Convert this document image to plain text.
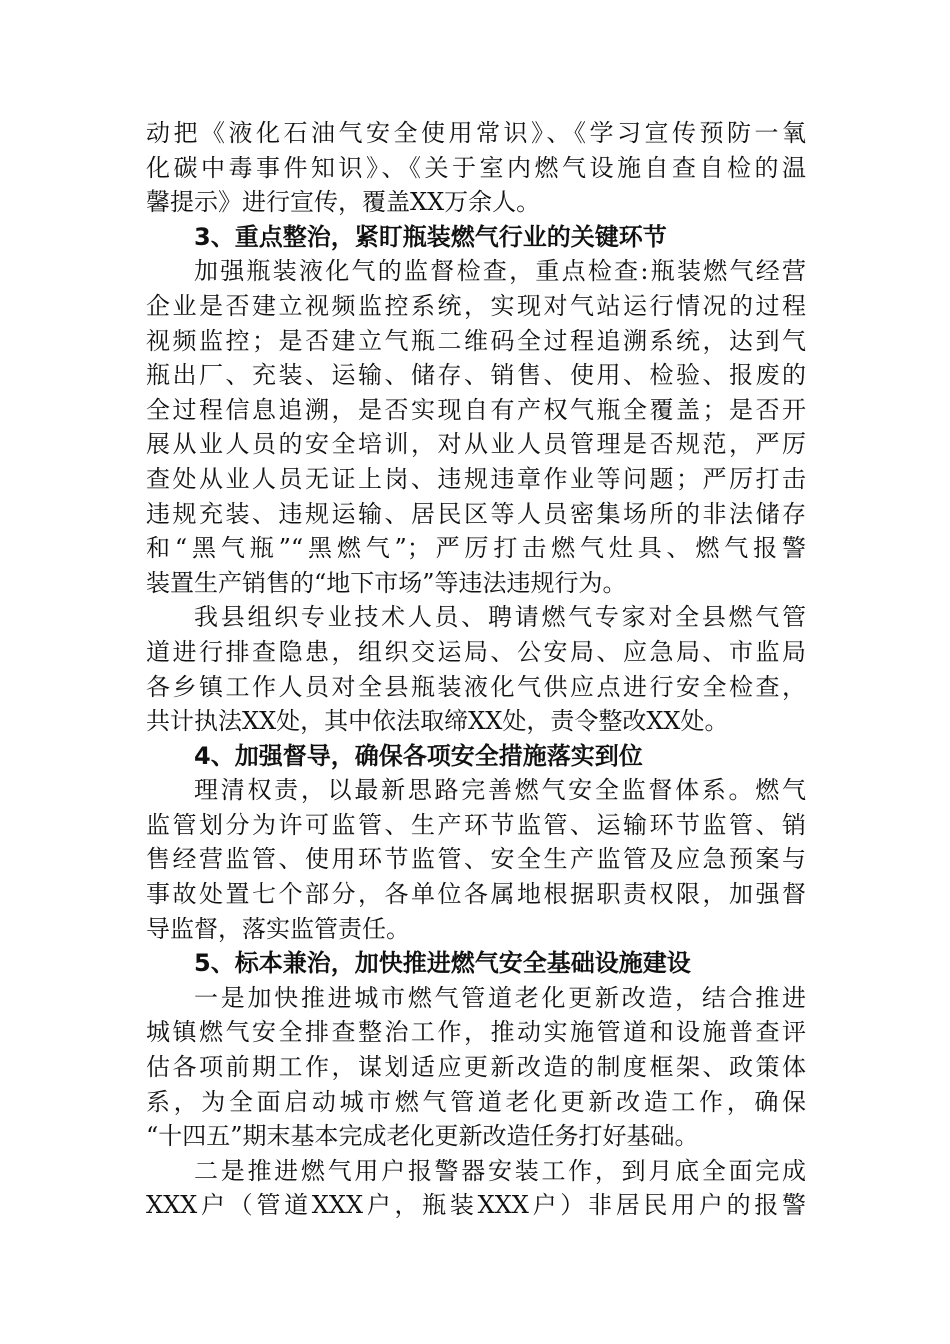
动把《液化石油气安全使用常识》、《学习宣传预防一氧
化碳中毒事件知识》、《关于室内燃气设施自查自检的温
馨提示》进行宣传，覆盖XX万余人。
3、重点整治，紧盯瓶装燃气行业的关键环节
加强瓶装液化气的监督检查，重点检查:瓶装燃气经营
企业是否建立视频监控系统，实现对气站运行情况的过程
视频监控；是否建立气瓶二维码全过程追溯系统，达到气
瓶出厂、充装、运输、储存、销售、使用、检验、报废的
全过程信息追溯，是否实现自有产权气瓶全覆盖；是否开
展从业人员的安全培训，对从业人员管理是否规范，严厉
查处从业人员无证上岗、违规违章作业等问题；严厉打击
违规充装、违规运输、居民区等人员密集场所的非法储存
和“黑气瓶”“黑燃气”；严厉打击燃气灶具、燃气报警
装置生产销售的“地下市场”等违法违规行为。
我县组织专业技术人员、聘请燃气专家对全县燃气管
道进行排查隐患，组织交运局、公安局、应急局、市监局
各乡镇工作人员对全县瓶装液化气供应点进行安全检查，
共计执法XX处，其中依法取缔XX处，责令整改XX处。
4、加强督导，确保各项安全措施落实到位
理清权责，以最新思路完善燃气安全监督体系。燃气
监管划分为许可监管、生产环节监管、运输环节监管、销
售经营监管、使用环节监管、安全生产监管及应急预案与
事故处置七个部分，各单位各属地根据职责权限，加强督
导监督，落实监管责任。
5、标本兼治，加快推进燃气安全基础设施建设
一是加快推进城市燃气管道老化更新改造，结合推进
城镇燃气安全排查整治工作，推动实施管道和设施普查评
估各项前期工作，谋划适应更新改造的制度框架、政策体
系，为全面启动城市燃气管道老化更新改造工作，确保
“十四五”期末基本完成老化更新改造任务打好基础。
二是推进燃气用户报警器安装工作，到月底全面完成
XXX户（管道XXX户，瓶装XXX户）非居民用户的报警
